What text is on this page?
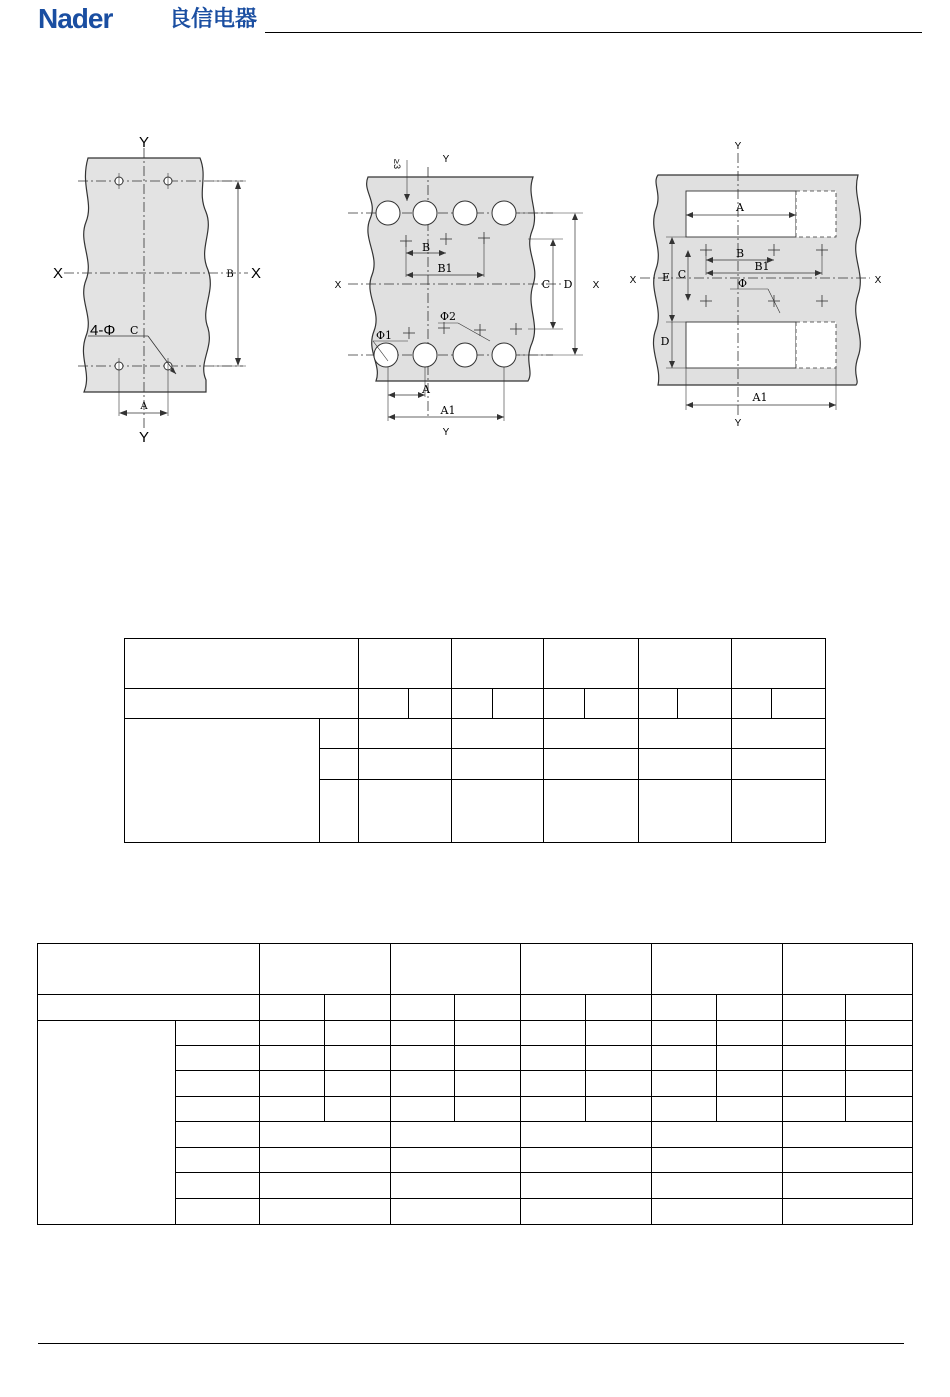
Nader	良信电器
Y
Y
X	X
B
A
4-Φ C
Y
Y
X	X
≥3
B
B1
C D
A
A1
Φ1
Φ2
Y
Y
X	X
A
B
B1
E C
D
A1
Φ
